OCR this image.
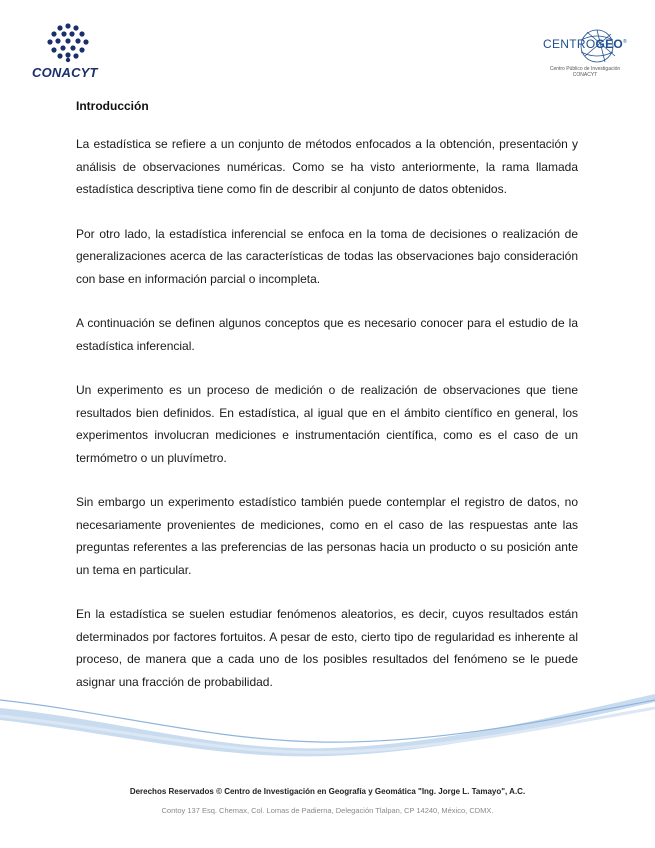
CONACYT
CENTROGEO®
Centro Público de Investigación
CONACYT
Introducción

La estadística se refiere a un conjunto de métodos enfocados a la obtención, presentación y análisis de observaciones numéricas. Como se ha visto anteriormente, la rama llamada estadística descriptiva tiene como fin de describir al conjunto de datos obtenidos.

Por otro lado, la estadística inferencial se enfoca en la toma de decisiones o realización de generalizaciones acerca de las características de todas las observaciones bajo consideración con base en información parcial o incompleta.

A continuación se definen algunos conceptos que es necesario conocer para el estudio de la estadística inferencial.

Un experimento es un proceso de medición o de realización de observaciones que tiene resultados bien definidos. En estadística, al igual que en el ámbito científico en general, los experimentos involucran mediciones e instrumentación científica, como es el caso de un termómetro o un pluvímetro.

Sin embargo un experimento estadístico también puede contemplar el registro de datos, no necesariamente provenientes de mediciones, como en el caso de las respuestas ante las preguntas referentes a las preferencias de las personas hacia un producto o su posición ante un tema en particular.

En la estadística se suelen estudiar fenómenos aleatorios, es decir, cuyos resultados están determinados por factores fortuitos. A pesar de esto, cierto tipo de regularidad es inherente al proceso, de manera que a cada uno de los posibles resultados del fenómeno se le puede asignar una fracción de probabilidad.

Derechos Reservados © Centro de Investigación en Geografía y Geomática "Ing. Jorge L. Tamayo", A.C.
Contoy 137 Esq. Chemax, Col. Lomas de Padierna, Delegación Tlalpan, CP 14240, México, CDMX.
